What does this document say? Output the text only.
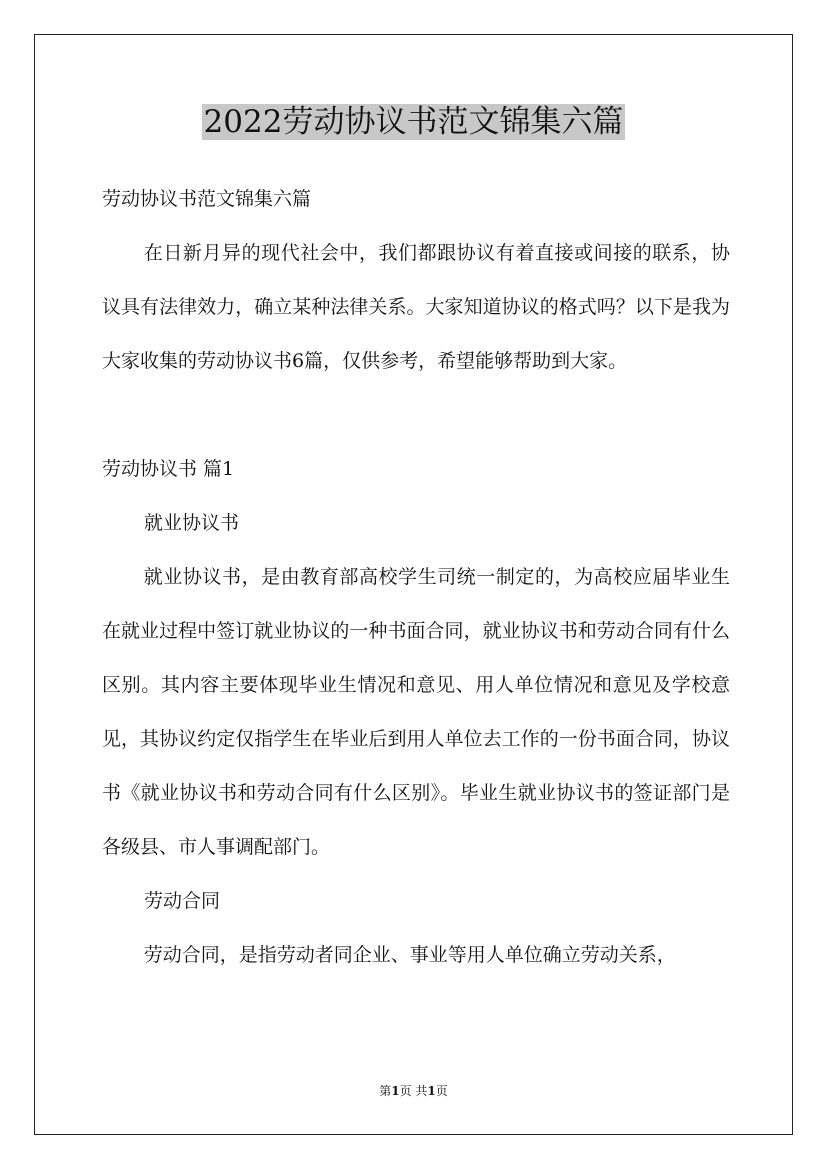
2022劳动协议书范文锦集六篇

劳动协议书范文锦集六篇

在日新月异的现代社会中，我们都跟协议有着直接或间接的联系，协议具有法律效力，确立某种法律关系。大家知道协议的格式吗？以下是我为大家收集的劳动协议书6篇，仅供参考，希望能够帮助到大家。

劳动协议书 篇1

就业协议书

就业协议书，是由教育部高校学生司统一制定的，为高校应届毕业生在就业过程中签订就业协议的一种书面合同，就业协议书和劳动合同有什么区别。其内容主要体现毕业生情况和意见、用人单位情况和意见及学校意见，其协议约定仅指学生在毕业后到用人单位去工作的一份书面合同，协议书《就业协议书和劳动合同有什么区别》。毕业生就业协议书的签证部门是各级县、市人事调配部门。

劳动合同

劳动合同，是指劳动者同企业、事业等用人单位确立劳动关系，

第1页 共1页
